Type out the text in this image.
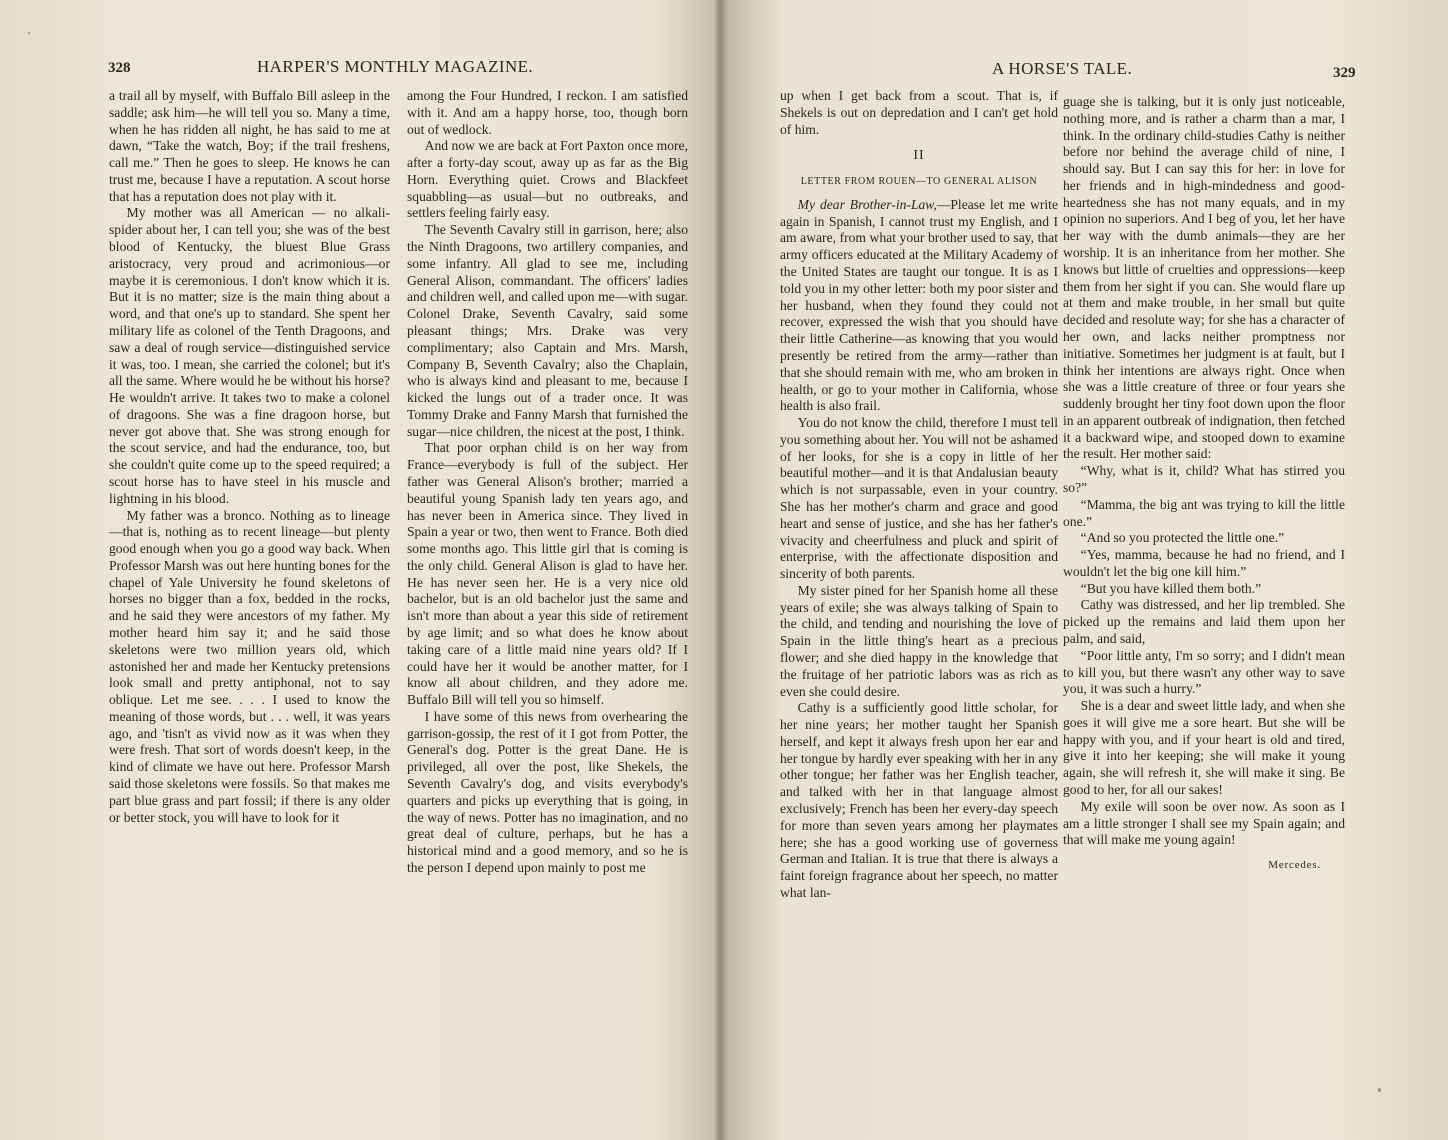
328	HARPER'S MONTHLY MAGAZINE.

a trail all by myself, with Buffalo Bill asleep in the saddle; ask him—he will tell you so. Many a time, when he has ridden all night, he has said to me at dawn, “Take the watch, Boy; if the trail freshens, call me.” Then he goes to sleep. He knows he can trust me, because I have a reputation. A scout horse that has a reputation does not play with it.

My mother was all American — no alkali-spider about her, I can tell you; she was of the best blood of Kentucky, the bluest Blue Grass aristocracy, very proud and acrimonious—or maybe it is ceremonious. I don't know which it is. But it is no matter; size is the main thing about a word, and that one's up to standard. She spent her military life as colonel of the Tenth Dragoons, and saw a deal of rough service—distinguished service it was, too. I mean, she carried the colonel; but it's all the same. Where would he be without his horse? He wouldn't arrive. It takes two to make a colonel of dragoons. She was a fine dragoon horse, but never got above that. She was strong enough for the scout service, and had the endurance, too, but she couldn't quite come up to the speed required; a scout horse has to have steel in his muscle and lightning in his blood.

My father was a bronco. Nothing as to lineage—that is, nothing as to recent lineage—but plenty good enough when you go a good way back. When Professor Marsh was out here hunting bones for the chapel of Yale University he found skeletons of horses no bigger than a fox, bedded in the rocks, and he said they were ancestors of my father. My mother heard him say it; and he said those skeletons were two million years old, which astonished her and made her Kentucky pretensions look small and pretty antiphonal, not to say oblique. Let me see. . . . I used to know the meaning of those words, but . . . well, it was years ago, and 'tisn't as vivid now as it was when they were fresh. That sort of words doesn't keep, in the kind of climate we have out here. Professor Marsh said those skeletons were fossils. So that makes me part blue grass and part fossil; if there is any older or better stock, you will have to look for it

among the Four Hundred, I reckon. I am satisfied with it. And am a happy horse, too, though born out of wedlock.

And now we are back at Fort Paxton once more, after a forty-day scout, away up as far as the Big Horn. Everything quiet. Crows and Blackfeet squabbling—as usual—but no outbreaks, and settlers feeling fairly easy.

The Seventh Cavalry still in garrison, here; also the Ninth Dragoons, two artillery companies, and some infantry. All glad to see me, including General Alison, commandant. The officers' ladies and children well, and called upon me—with sugar. Colonel Drake, Seventh Cavalry, said some pleasant things; Mrs. Drake was very complimentary; also Captain and Mrs. Marsh, Company B, Seventh Cavalry; also the Chaplain, who is always kind and pleasant to me, because I kicked the lungs out of a trader once. It was Tommy Drake and Fanny Marsh that furnished the sugar—nice children, the nicest at the post, I think.

That poor orphan child is on her way from France—everybody is full of the subject. Her father was General Alison's brother; married a beautiful young Spanish lady ten years ago, and has never been in America since. They lived in Spain a year or two, then went to France. Both died some months ago. This little girl that is coming is the only child. General Alison is glad to have her. He has never seen her. He is a very nice old bachelor, but is an old bachelor just the same and isn't more than about a year this side of retirement by age limit; and so what does he know about taking care of a little maid nine years old? If I could have her it would be another matter, for I know all about children, and they adore me. Buffalo Bill will tell you so himself.

I have some of this news from overhearing the garrison-gossip, the rest of it I got from Potter, the General's dog. Potter is the great Dane. He is privileged, all over the post, like Shekels, the Seventh Cavalry's dog, and visits everybody's quarters and picks up everything that is going, in the way of news. Potter has no imagination, and no great deal of culture, perhaps, but he has a historical mind and a good memory, and so he is the person I depend upon mainly to post me

A HORSE'S TALE.	329

up when I get back from a scout. That is, if Shekels is out on depredation and I can't get hold of him.

II
LETTER FROM ROUEN—TO GENERAL ALISON

My dear Brother-in-Law,—Please let me write again in Spanish, I cannot trust my English, and I am aware, from what your brother used to say, that army officers educated at the Military Academy of the United States are taught our tongue. It is as I told you in my other letter: both my poor sister and her husband, when they found they could not recover, expressed the wish that you should have their little Catherine—as knowing that you would presently be retired from the army—rather than that she should remain with me, who am broken in health, or go to your mother in California, whose health is also frail.

You do not know the child, therefore I must tell you something about her. You will not be ashamed of her looks, for she is a copy in little of her beautiful mother—and it is that Andalusian beauty which is not surpassable, even in your country. She has her mother's charm and grace and good heart and sense of justice, and she has her father's vivacity and cheerfulness and pluck and spirit of enterprise, with the affectionate disposition and sincerity of both parents.

My sister pined for her Spanish home all these years of exile; she was always talking of Spain to the child, and tending and nourishing the love of Spain in the little thing's heart as a precious flower; and she died happy in the knowledge that the fruitage of her patriotic labors was as rich as even she could desire.

Cathy is a sufficiently good little scholar, for her nine years; her mother taught her Spanish herself, and kept it always fresh upon her ear and her tongue by hardly ever speaking with her in any other tongue; her father was her English teacher, and talked with her in that language almost exclusively; French has been her every-day speech for more than seven years among her playmates here; she has a good working use of governess German and Italian. It is true that there is always a faint foreign fragrance about her speech, no matter what lan-

guage she is talking, but it is only just noticeable, nothing more, and is rather a charm than a mar, I think. In the ordinary child-studies Cathy is neither before nor behind the average child of nine, I should say. But I can say this for her: in love for her friends and in high-mindedness and good-heartedness she has not many equals, and in my opinion no superiors. And I beg of you, let her have her way with the dumb animals—they are her worship. It is an inheritance from her mother. She knows but little of cruelties and oppressions—keep them from her sight if you can. She would flare up at them and make trouble, in her small but quite decided and resolute way; for she has a character of her own, and lacks neither promptness nor initiative. Sometimes her judgment is at fault, but I think her intentions are always right. Once when she was a little creature of three or four years she suddenly brought her tiny foot down upon the floor in an apparent outbreak of indignation, then fetched it a backward wipe, and stooped down to examine the result. Her mother said:

“Why, what is it, child? What has stirred you so?”

“Mamma, the big ant was trying to kill the little one.”

“And so you protected the little one.”

“Yes, mamma, because he had no friend, and I wouldn't let the big one kill him.”

“But you have killed them both.”

Cathy was distressed, and her lip trembled. She picked up the remains and laid them upon her palm, and said,

“Poor little anty, I'm so sorry; and I didn't mean to kill you, but there wasn't any other way to save you, it was such a hurry.”

She is a dear and sweet little lady, and when she goes it will give me a sore heart. But she will be happy with you, and if your heart is old and tired, give it into her keeping; she will make it young again, she will refresh it, she will make it sing. Be good to her, for all our sakes!

My exile will soon be over now. As soon as I am a little stronger I shall see my Spain again; and that will make me young again!

Mercedes.
